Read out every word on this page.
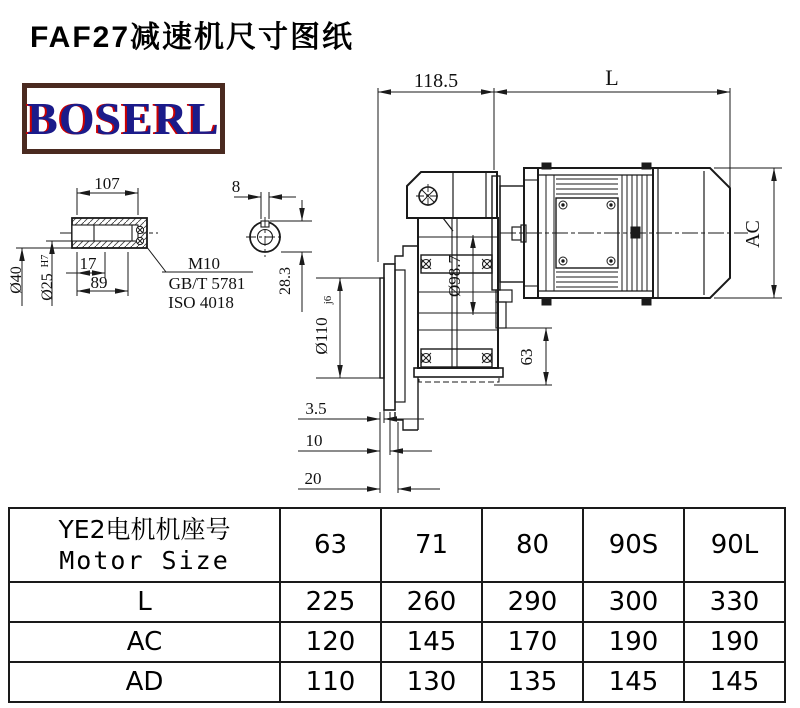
FAF27减速机尺寸图纸
BOSERL
107
17
89
8
Ø40 Ø25
H7
28.3
M10
GB/T 5781
ISO 4018
118.5	L
AC
Ø98.7
63
Ø110
j6
3.5
10
20
YE2电机机座号
Motor Size	63	71	80	90S	90L
L	225	260	290	300	330
AC	120	145	170	190	190
AD	110	130	135	145	145
